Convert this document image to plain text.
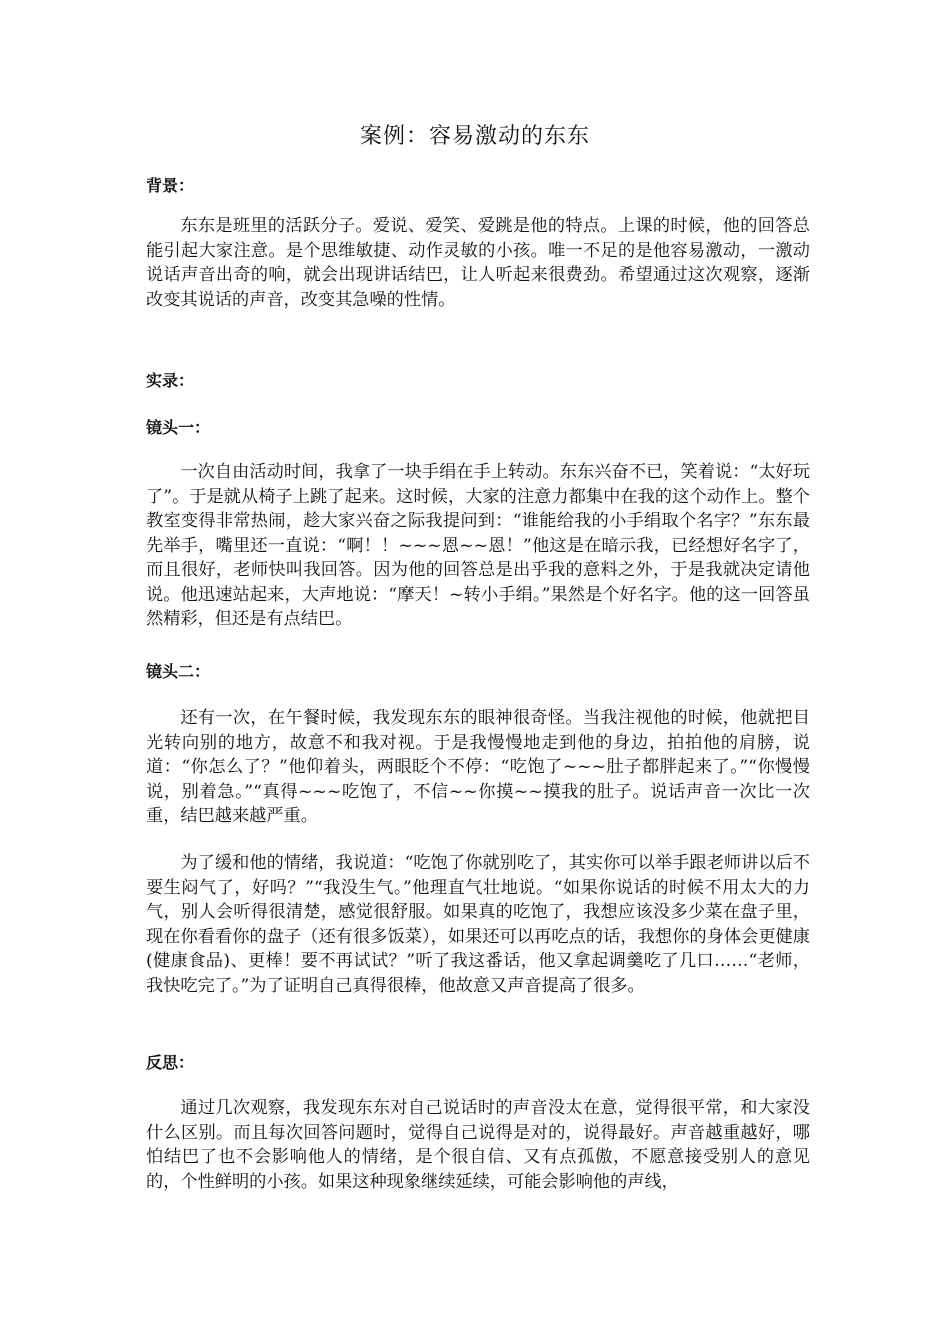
案例：容易激动的东东
背景：

东东是班里的活跃分子。爱说、爱笑、爱跳是他的特点。上课的时候，他的回答总能引起大家注意。是个思维敏捷、动作灵敏的小孩。唯一不足的是他容易激动，一激动说话声音出奇的响，就会出现讲话结巴，让人听起来很费劲。希望通过这次观察，逐渐改变其说话的声音，改变其急噪的性情。

实录：
镜头一：

一次自由活动时间，我拿了一块手绢在手上转动。东东兴奋不已，笑着说：“太好玩了”。于是就从椅子上跳了起来。这时候，大家的注意力都集中在我的这个动作上。整个教室变得非常热闹，趁大家兴奋之际我提问到：“谁能给我的小手绢取个名字？”东东最先举手，嘴里还一直说：“啊！！~~~恩~~恩！”他这是在暗示我，已经想好名字了，而且很好，老师快叫我回答。因为他的回答总是出乎我的意料之外，于是我就决定请他说。他迅速站起来，大声地说：“摩天！~转小手绢。”果然是个好名字。他的这一回答虽然精彩，但还是有点结巴。

镜头二：

还有一次，在午餐时候，我发现东东的眼神很奇怪。当我注视他的时候，他就把目光转向别的地方，故意不和我对视。于是我慢慢地走到他的身边，拍拍他的肩膀，说道：“你怎么了？”他仰着头，两眼眨个不停：“吃饱了~~~肚子都胖起来了。”“你慢慢说，别着急。”“真得~~~吃饱了，不信~~你摸~~摸我的肚子。说话声音一次比一次重，结巴越来越严重。

为了缓和他的情绪，我说道：“吃饱了你就别吃了，其实你可以举手跟老师讲以后不要生闷气了，好吗？”“我没生气。”他理直气壮地说。“如果你说话的时候不用太大的力气，别人会听得很清楚，感觉很舒服。如果真的吃饱了，我想应该没多少菜在盘子里，现在你看看你的盘子（还有很多饭菜），如果还可以再吃点的话，我想你的身体会更健康(健康食品)、更棒！要不再试试？”听了我这番话，他又拿起调羹吃了几口……“老师，我快吃完了。”为了证明自己真得很棒，他故意又声音提高了很多。

反思：

通过几次观察，我发现东东对自己说话时的声音没太在意，觉得很平常，和大家没什么区别。而且每次回答问题时，觉得自己说得是对的，说得最好。声音越重越好，哪怕结巴了也不会影响他人的情绪，是个很自信、又有点孤傲，不愿意接受别人的意见的，个性鲜明的小孩。如果这种现象继续延续，可能会影响他的声线，
